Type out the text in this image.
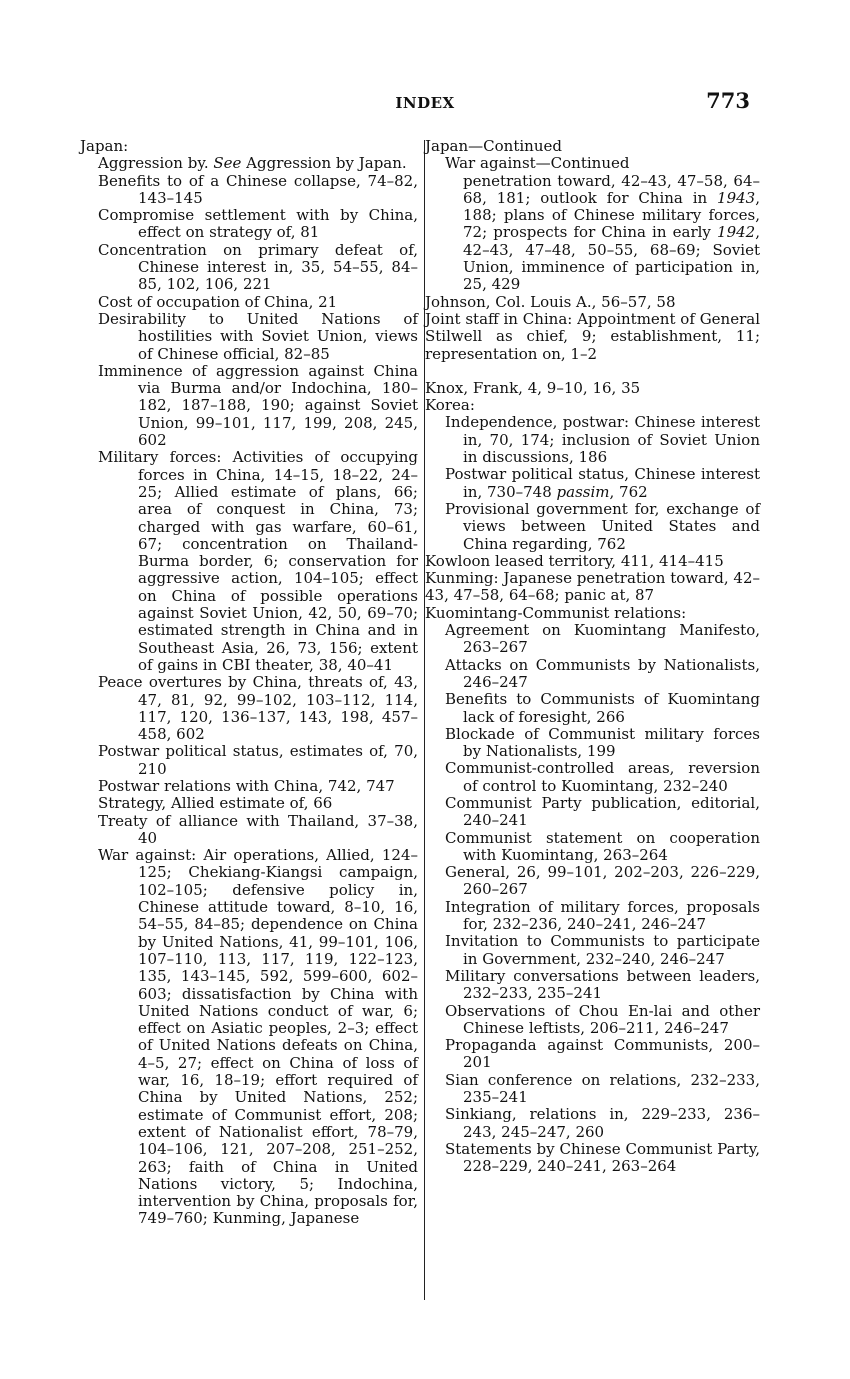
INDEX	773

Japan:

Aggression by. See Aggression by Japan.

Benefits to of a Chinese collapse, 74–82, 143–145

Compromise settlement with by China, effect on strategy of, 81

Concentration on primary defeat of, Chinese interest in, 35, 54–55, 84–85, 102, 106, 221

Cost of occupation of China, 21

Desirability to United Nations of hostilities with Soviet Union, views of Chinese official, 82–85

Imminence of aggression against China via Burma and/or Indochina, 180–182, 187–188, 190; against Soviet Union, 99–101, 117, 199, 208, 245, 602

Military forces: Activities of occupying forces in China, 14–15, 18–22, 24–25; Allied estimate of plans, 66; area of conquest in China, 73; charged with gas warfare, 60–61, 67; concentration on Thailand-Burma border, 6; conservation for aggressive action, 104–105; effect on China of possible operations against Soviet Union, 42, 50, 69–70; estimated strength in China and in Southeast Asia, 26, 73, 156; extent of gains in CBI theater, 38, 40–41

Peace overtures by China, threats of, 43, 47, 81, 92, 99–102, 103–112, 114, 117, 120, 136–137, 143, 198, 457–458, 602

Postwar political status, estimates of, 70, 210

Postwar relations with China, 742, 747

Strategy, Allied estimate of, 66

Treaty of alliance with Thailand, 37–38, 40

War against: Air operations, Allied, 124–125; Chekiang-Kiangsi campaign, 102–105; defensive policy in, Chinese attitude toward, 8–10, 16, 54–55, 84–85; dependence on China by United Nations, 41, 99–101, 106, 107–110, 113, 117, 119, 122–123, 135, 143–145, 592, 599–600, 602–603; dissatisfaction by China with United Nations conduct of war, 6; effect on Asiatic peoples, 2–3; effect of United Nations defeats on China, 4–5, 27; effect on China of loss of war, 16, 18–19; effort required of China by United Nations, 252; estimate of Communist effort, 208; extent of Nationalist effort, 78–79, 104–106, 121, 207–208, 251–252, 263; faith of China in United Nations victory, 5; Indochina, intervention by China, proposals for, 749–760; Kunming, Japanese

Japan—Continued

War against—Continued

penetration toward, 42–43, 47–58, 64–68, 181; outlook for China in 1943, 188; plans of Chinese military forces, 72; prospects for China in early 1942, 42–43, 47–48, 50–55, 68–69; Soviet Union, imminence of participation in, 25, 429

Johnson, Col. Louis A., 56–57, 58

Joint staff in China: Appointment of General Stilwell as chief, 9; establishment, 11; representation on, 1–2

Knox, Frank, 4, 9–10, 16, 35

Korea:

Independence, postwar: Chinese interest in, 70, 174; inclusion of Soviet Union in discussions, 186

Postwar political status, Chinese interest in, 730–748 passim, 762

Provisional government for, exchange of views between United States and China regarding, 762

Kowloon leased territory, 411, 414–415

Kunming: Japanese penetration toward, 42–43, 47–58, 64–68; panic at, 87

Kuomintang-Communist relations:

Agreement on Kuomintang Manifesto, 263–267

Attacks on Communists by Nationalists, 246–247

Benefits to Communists of Kuomintang lack of foresight, 266

Blockade of Communist military forces by Nationalists, 199

Communist-controlled areas, reversion of control to Kuomintang, 232–240

Communist Party publication, editorial, 240–241

Communist statement on cooperation with Kuomintang, 263–264

General, 26, 99–101, 202–203, 226–229, 260–267

Integration of military forces, proposals for, 232–236, 240–241, 246–247

Invitation to Communists to participate in Government, 232–240, 246–247

Military conversations between leaders, 232–233, 235–241

Observations of Chou En-lai and other Chinese leftists, 206–211, 246–247

Propaganda against Communists, 200–201

Sian conference on relations, 232–233, 235–241

Sinkiang, relations in, 229–233, 236–243, 245–247, 260

Statements by Chinese Communist Party, 228–229, 240–241, 263–264
